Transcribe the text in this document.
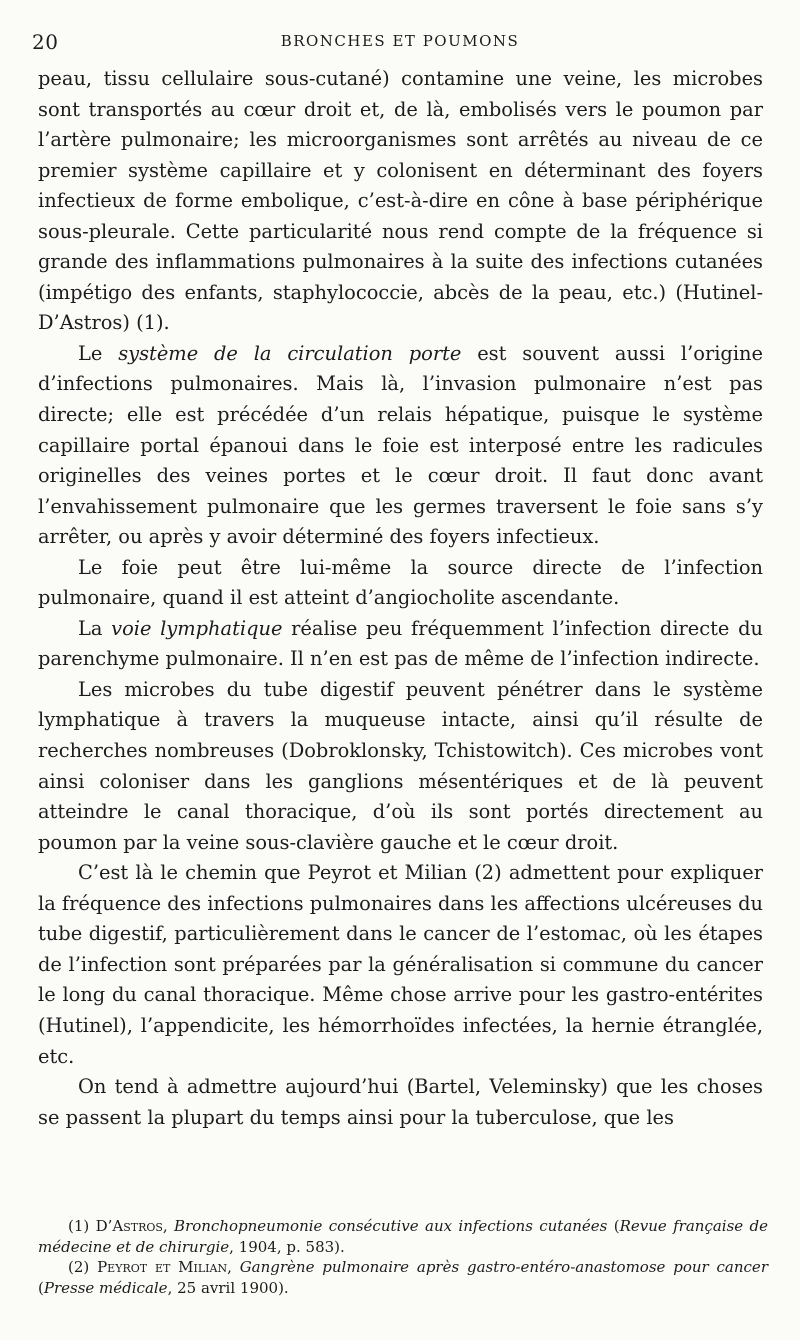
20	BRONCHES ET POUMONS

peau, tissu cellulaire sous-cutané) contamine une veine, les microbes sont transportés au cœur droit et, de là, embolisés vers le poumon par l’artère pulmonaire; les microorganismes sont arrêtés au niveau de ce premier système capillaire et y colonisent en déterminant des foyers infectieux de forme embolique, c’est-à-dire en cône à base périphérique sous-pleurale. Cette particularité nous rend compte de la fréquence si grande des inflammations pulmonaires à la suite des infections cutanées (impétigo des enfants, staphylococcie, abcès de la peau, etc.) (Hutinel-D’Astros) (1).

Le système de la circulation porte est souvent aussi l’origine d’infections pulmonaires. Mais là, l’invasion pulmonaire n’est pas directe; elle est précédée d’un relais hépatique, puisque le système capillaire portal épanoui dans le foie est interposé entre les radicules originelles des veines portes et le cœur droit. Il faut donc avant l’envahissement pulmonaire que les germes traversent le foie sans s’y arrêter, ou après y avoir déterminé des foyers infectieux.

Le foie peut être lui-même la source directe de l’infection pulmonaire, quand il est atteint d’angiocholite ascendante.

La voie lymphatique réalise peu fréquemment l’infection directe du parenchyme pulmonaire. Il n’en est pas de même de l’infection indirecte.

Les microbes du tube digestif peuvent pénétrer dans le système lymphatique à travers la muqueuse intacte, ainsi qu’il résulte de recherches nombreuses (Dobroklonsky, Tchistowitch). Ces microbes vont ainsi coloniser dans les ganglions mésentériques et de là peuvent atteindre le canal thoracique, d’où ils sont portés directement au poumon par la veine sous-clavière gauche et le cœur droit.

C’est là le chemin que Peyrot et Milian (2) admettent pour expliquer la fréquence des infections pulmonaires dans les affections ulcéreuses du tube digestif, particulièrement dans le cancer de l’estomac, où les étapes de l’infection sont préparées par la généralisation si commune du cancer le long du canal thoracique. Même chose arrive pour les gastro-entérites (Hutinel), l’appendicite, les hémorrhoïdes infectées, la hernie étranglée, etc.

On tend à admettre aujourd’hui (Bartel, Veleminsky) que les choses se passent la plupart du temps ainsi pour la tuberculose, que les

(1) D’Astros, Bronchopneumonie consécutive aux infections cutanées (Revue française de médecine et de chirurgie, 1904, p. 583).

(2) Peyrot et Milian, Gangrène pulmonaire après gastro-entéro-anastomose pour cancer (Presse médicale, 25 avril 1900).
